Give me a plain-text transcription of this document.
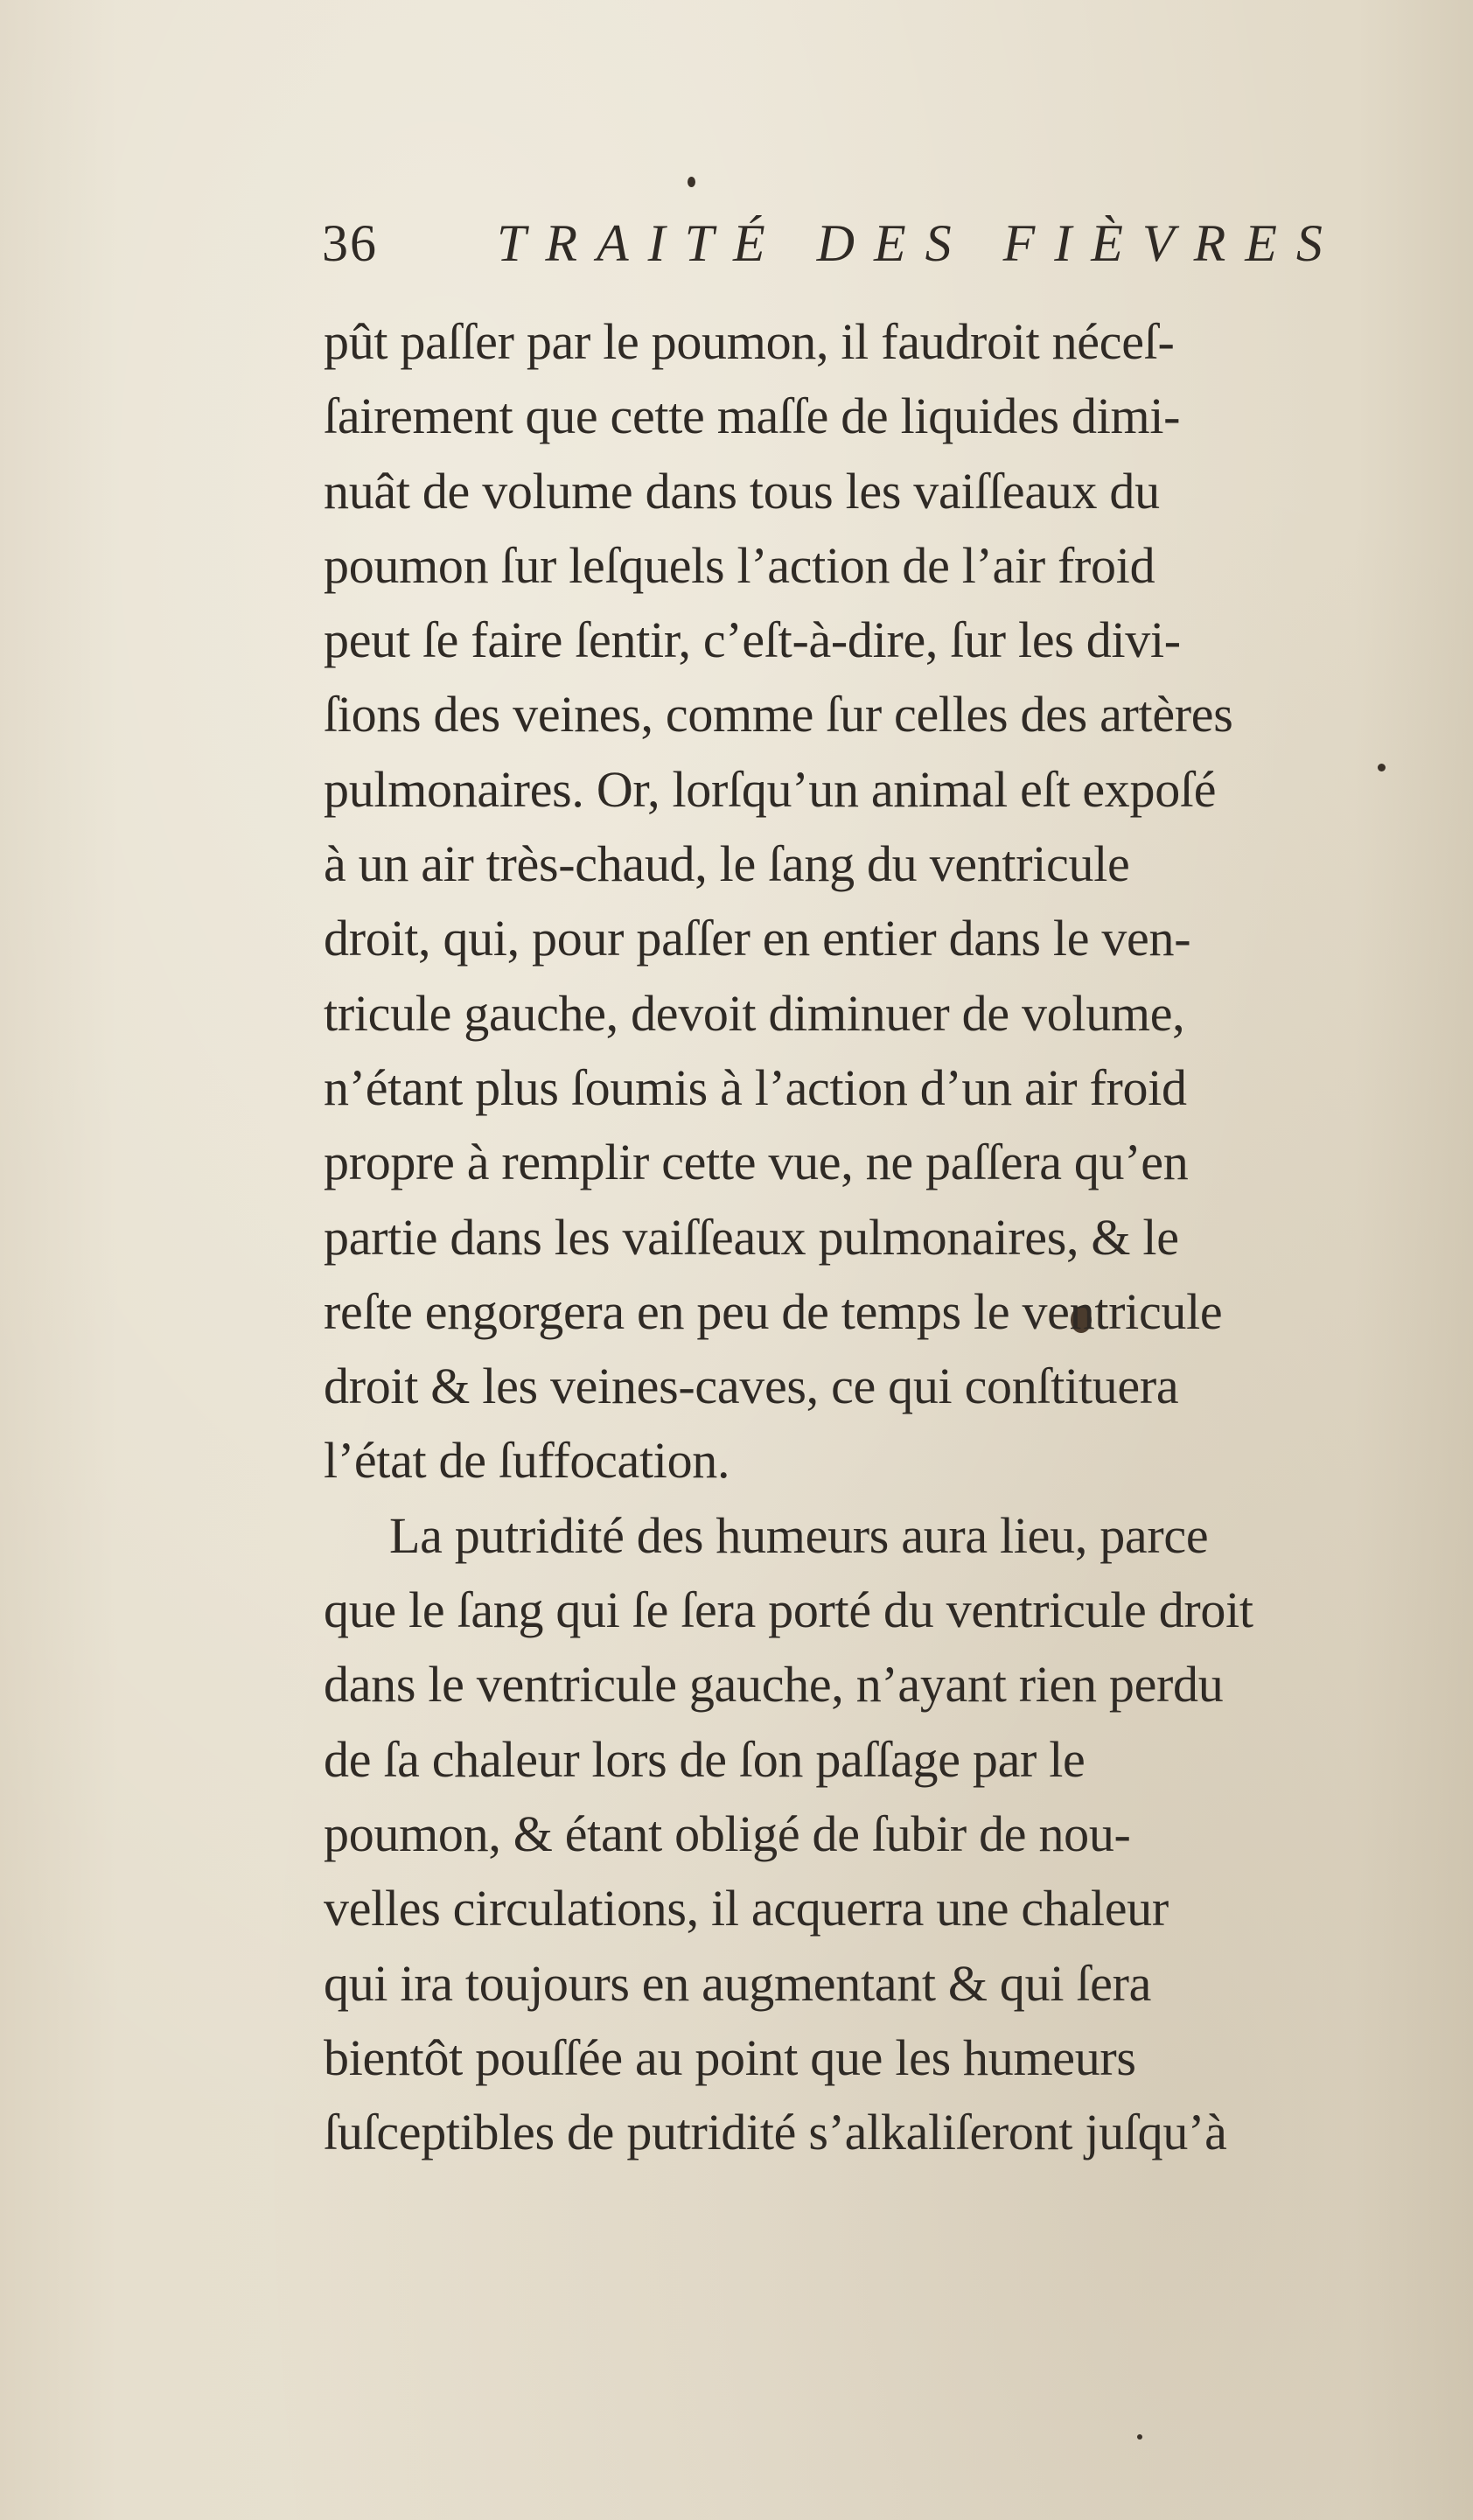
36 TRAITÉ DES FIÈVRES
pût paſſer par le poumon, il faudroit néceſ-
ſairement que cette maſſe de liquides dimi-
nuât de volume dans tous les vaiſſeaux du
poumon ſur leſquels l’action de l’air froid
peut ſe faire ſentir, c’eſt-à-dire, ſur les divi-
ſions des veines, comme ſur celles des artères
pulmonaires. Or, lorſqu’un animal eſt expoſé
à un air très-chaud, le ſang du ventricule
droit, qui, pour paſſer en entier dans le ven-
tricule gauche, devoit diminuer de volume,
n’étant plus ſoumis à l’action d’un air froid
propre à remplir cette vue, ne paſſera qu’en
partie dans les vaiſſeaux pulmonaires, & le
reſte engorgera en peu de temps le ventricule
droit & les veines-caves, ce qui conſtituera
l’état de ſuffocation.
La putridité des humeurs aura lieu, parce
que le ſang qui ſe ſera porté du ventricule droit
dans le ventricule gauche, n’ayant rien perdu
de ſa chaleur lors de ſon paſſage par le
poumon, & étant obligé de ſubir de nou-
velles circulations, il acquerra une chaleur
qui ira toujours en augmentant & qui ſera
bientôt pouſſée au point que les humeurs
ſuſceptibles de putridité s’alkaliſeront juſqu’à
